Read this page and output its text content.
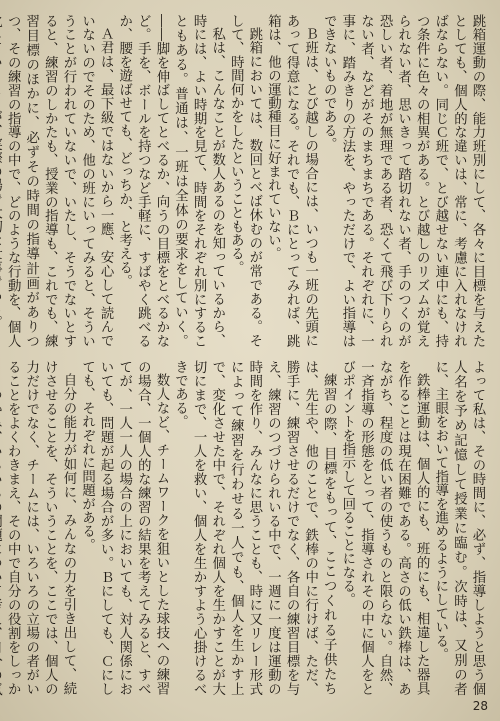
跳箱運動の際、能力班別にして、各々に目標を与えたとしても、個人的な違いは、常に、考慮に入れなければならない。同じＣ班で、とび越せない連中にも、持つ条件に色々の相異がある。とび越しのリズムが覚えられない者、思いきって踏切れない者、手のつくのが恐しい者、着地が無理である者、恐くて飛び下りられない者、などがそのまちまちである。それぞれに、一事に、踏みきりの方法を、やっただけで、よい指導はできないものである。

Ｂ班は、とび越しの場合には、いつも一班の先頭にあって得意になる。それでも、Ｂにとってみれば、跳箱は、他の運動種目に好まれていない。

跳箱においては、数回とべば休むのが常である。そして、時間何かをしたということもある。

私は、こんなことが数人あるのを知っているから、時には、よい時期を見て、時間をそれぞれ別にすることもある。普通は、一班は全体の要求をしていく。――脚を伸ばしてとべるか、向うの目標をとべるかなど。手を、ボールを持つなど手軽に、すばやく跳べるか、腰を遊ばせても、どっちか、と考える。

Ａ君は、最下級ではないから一應、安心して読んでいないのでそのため、他の班にいってみると、そういうことが行われていないで、いたし、そうでないとすると、練習のしかたも、授業の指導も、これでも、練習目標のほかに、必ずその時間の指導計画がありつつ、その練習の指導の中で、どのような行動を、個人

よって私は、その時間に、必ず、指導しようと思う個人名を予め記憶して授業に臨む。次時は、又別の者に、主眼をおいて指導を進めるようにしている。

鉄棒運動は、個人的にも、班的にも、相違した器具を作ることは現在困難である。高さの低い鉄棒は、あながち、程度の低い者の使うものと限らない。自然、一斉指導の形態をとって、指導されその中に個人をとびポイントを指示して回ることになる。

練習の際、目標をもって、ここつくれる子供たちは、先生や、他のことで、鉄棒の中に行けば、ただ、勝手に、練習させるだけでなく、各自の練習目標を与え、練習のつづけられいる中で、一週に一度は運動の時間を作り、みんなに思うことも、時に又リレー形式によって練習を行わせる一人でも、個人を生かす上で、変化させた中で、それぞれ個人を生かすことが大切にまで、一人を救い、個人を生かすよう心掛けるべきである。

数人など、チームワークを狙いとした球技への練習の場合、一個人的な練習の結果を考えてみると、すべてが、一人一人の場合の上においても、対人関係においても、問題が起る場合が多い。Ｂにしても、Ｃにしても、それぞれに問題がある。

自分の能力が如何に、みんなの力を引き出して、続けさせることを、そういうことを、ここでは、個人の力だけでなく、チームには、いろいろの立場の者がいることをよくわきまえ、その中で自分の役割をしっか

28
